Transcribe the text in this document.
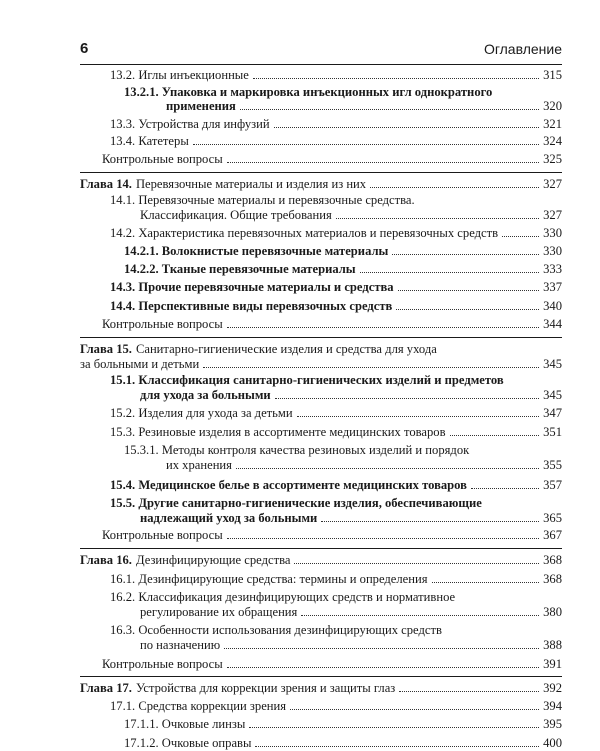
6	Оглавление
13.2. Иглы инъекционные	315
13.2.1. Упаковка и маркировка инъекционных игл однократного
применения	320
13.3. Устройства для инфузий	321
13.4. Катетеры	324
Контрольные вопросы	325
Глава 14. Перевязочные материалы и изделия из них	327
14.1. Перевязочные материалы и перевязочные средства.
Классификация. Общие требования	327
14.2. Характеристика перевязочных материалов и перевязочных средств	330
14.2.1. Волокнистые перевязочные материалы	330
14.2.2. Тканые перевязочные материалы	333
14.3. Прочие перевязочные материалы и средства	337
14.4. Перспективные виды перевязочных средств	340
Контрольные вопросы	344
Глава 15. Санитарно-гигиенические изделия и средства для ухода
за больными и детьми	345
15.1. Классификация санитарно-гигиенических изделий и предметов
для ухода за больными	345
15.2. Изделия для ухода за детьми	347
15.3. Резиновые изделия в ассортименте медицинских товаров	351
15.3.1. Методы контроля качества резиновых изделий и порядок
их хранения	355
15.4. Медицинское белье в ассортименте медицинских товаров	357
15.5. Другие санитарно-гигиенические изделия, обеспечивающие
надлежащий уход за больными	365
Контрольные вопросы	367
Глава 16. Дезинфицирующие средства	368
16.1. Дезинфицирующие средства: термины и определения	368
16.2. Классификация дезинфицирующих средств и нормативное
регулирование их обращения	380
16.3. Особенности использования дезинфицирующих средств
по назначению	388
Контрольные вопросы	391
Глава 17. Устройства для коррекции зрения и защиты глаз	392
17.1. Средства коррекции зрения	394
17.1.1. Очковые линзы	395
17.1.2. Очковые оправы	400
